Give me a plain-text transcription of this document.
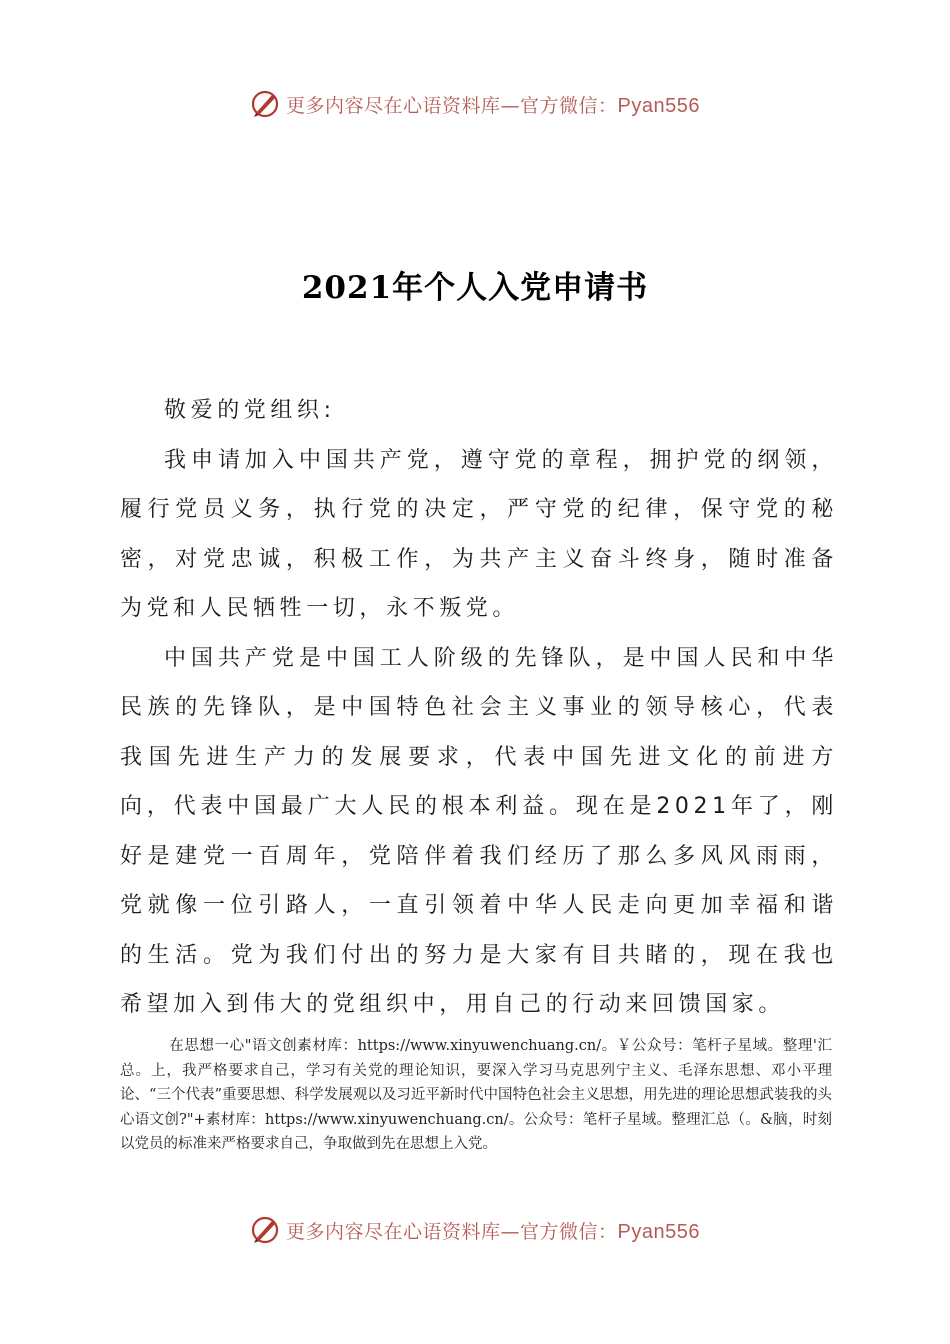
更多内容尽在心语资料库—官方微信：Pyan556
2021年个人入党申请书

敬爱的党组织:

我申请加入中国共产党，遵守党的章程，拥护党的纲领，履行党员义务，执行党的决定，严守党的纪律，保守党的秘密，对党忠诚，积极工作，为共产主义奋斗终身，随时准备为党和人民牺牲一切，永不叛党。

中国共产党是中国工人阶级的先锋队，是中国人民和中华民族的先锋队，是中国特色社会主义事业的领导核心，代表我国先进生产力的发展要求，代表中国先进文化的前进方向，代表中国最广大人民的根本利益。现在是2021年了，刚好是建党一百周年，党陪伴着我们经历了那么多风风雨雨，党就像一位引路人，一直引领着中华人民走向更加幸福和谐的生活。党为我们付出的努力是大家有目共睹的，现在我也希望加入到伟大的党组织中，用自己的行动来回馈国家。

在思想一心"语文创素材库：https://www.xinyuwenchuang.cn/。￥公众号：笔杆子星域。整理'汇总。上，我严格要求自己，学习有关党的理论知识，要深入学习马克思列宁主义、毛泽东思想、邓小平理论、“三个代表”重要思想、科学发展观以及习近平新时代中国特色社会主义思想，用先进的理论思想武装我的头心语文创?"+素材库：https://www.xinyuwenchuang.cn/。公众号：笔杆子星域。整理汇总（。&脑，时刻以党员的标准来严格要求自己，争取做到先在思想上入党。

更多内容尽在心语资料库—官方微信：Pyan556
